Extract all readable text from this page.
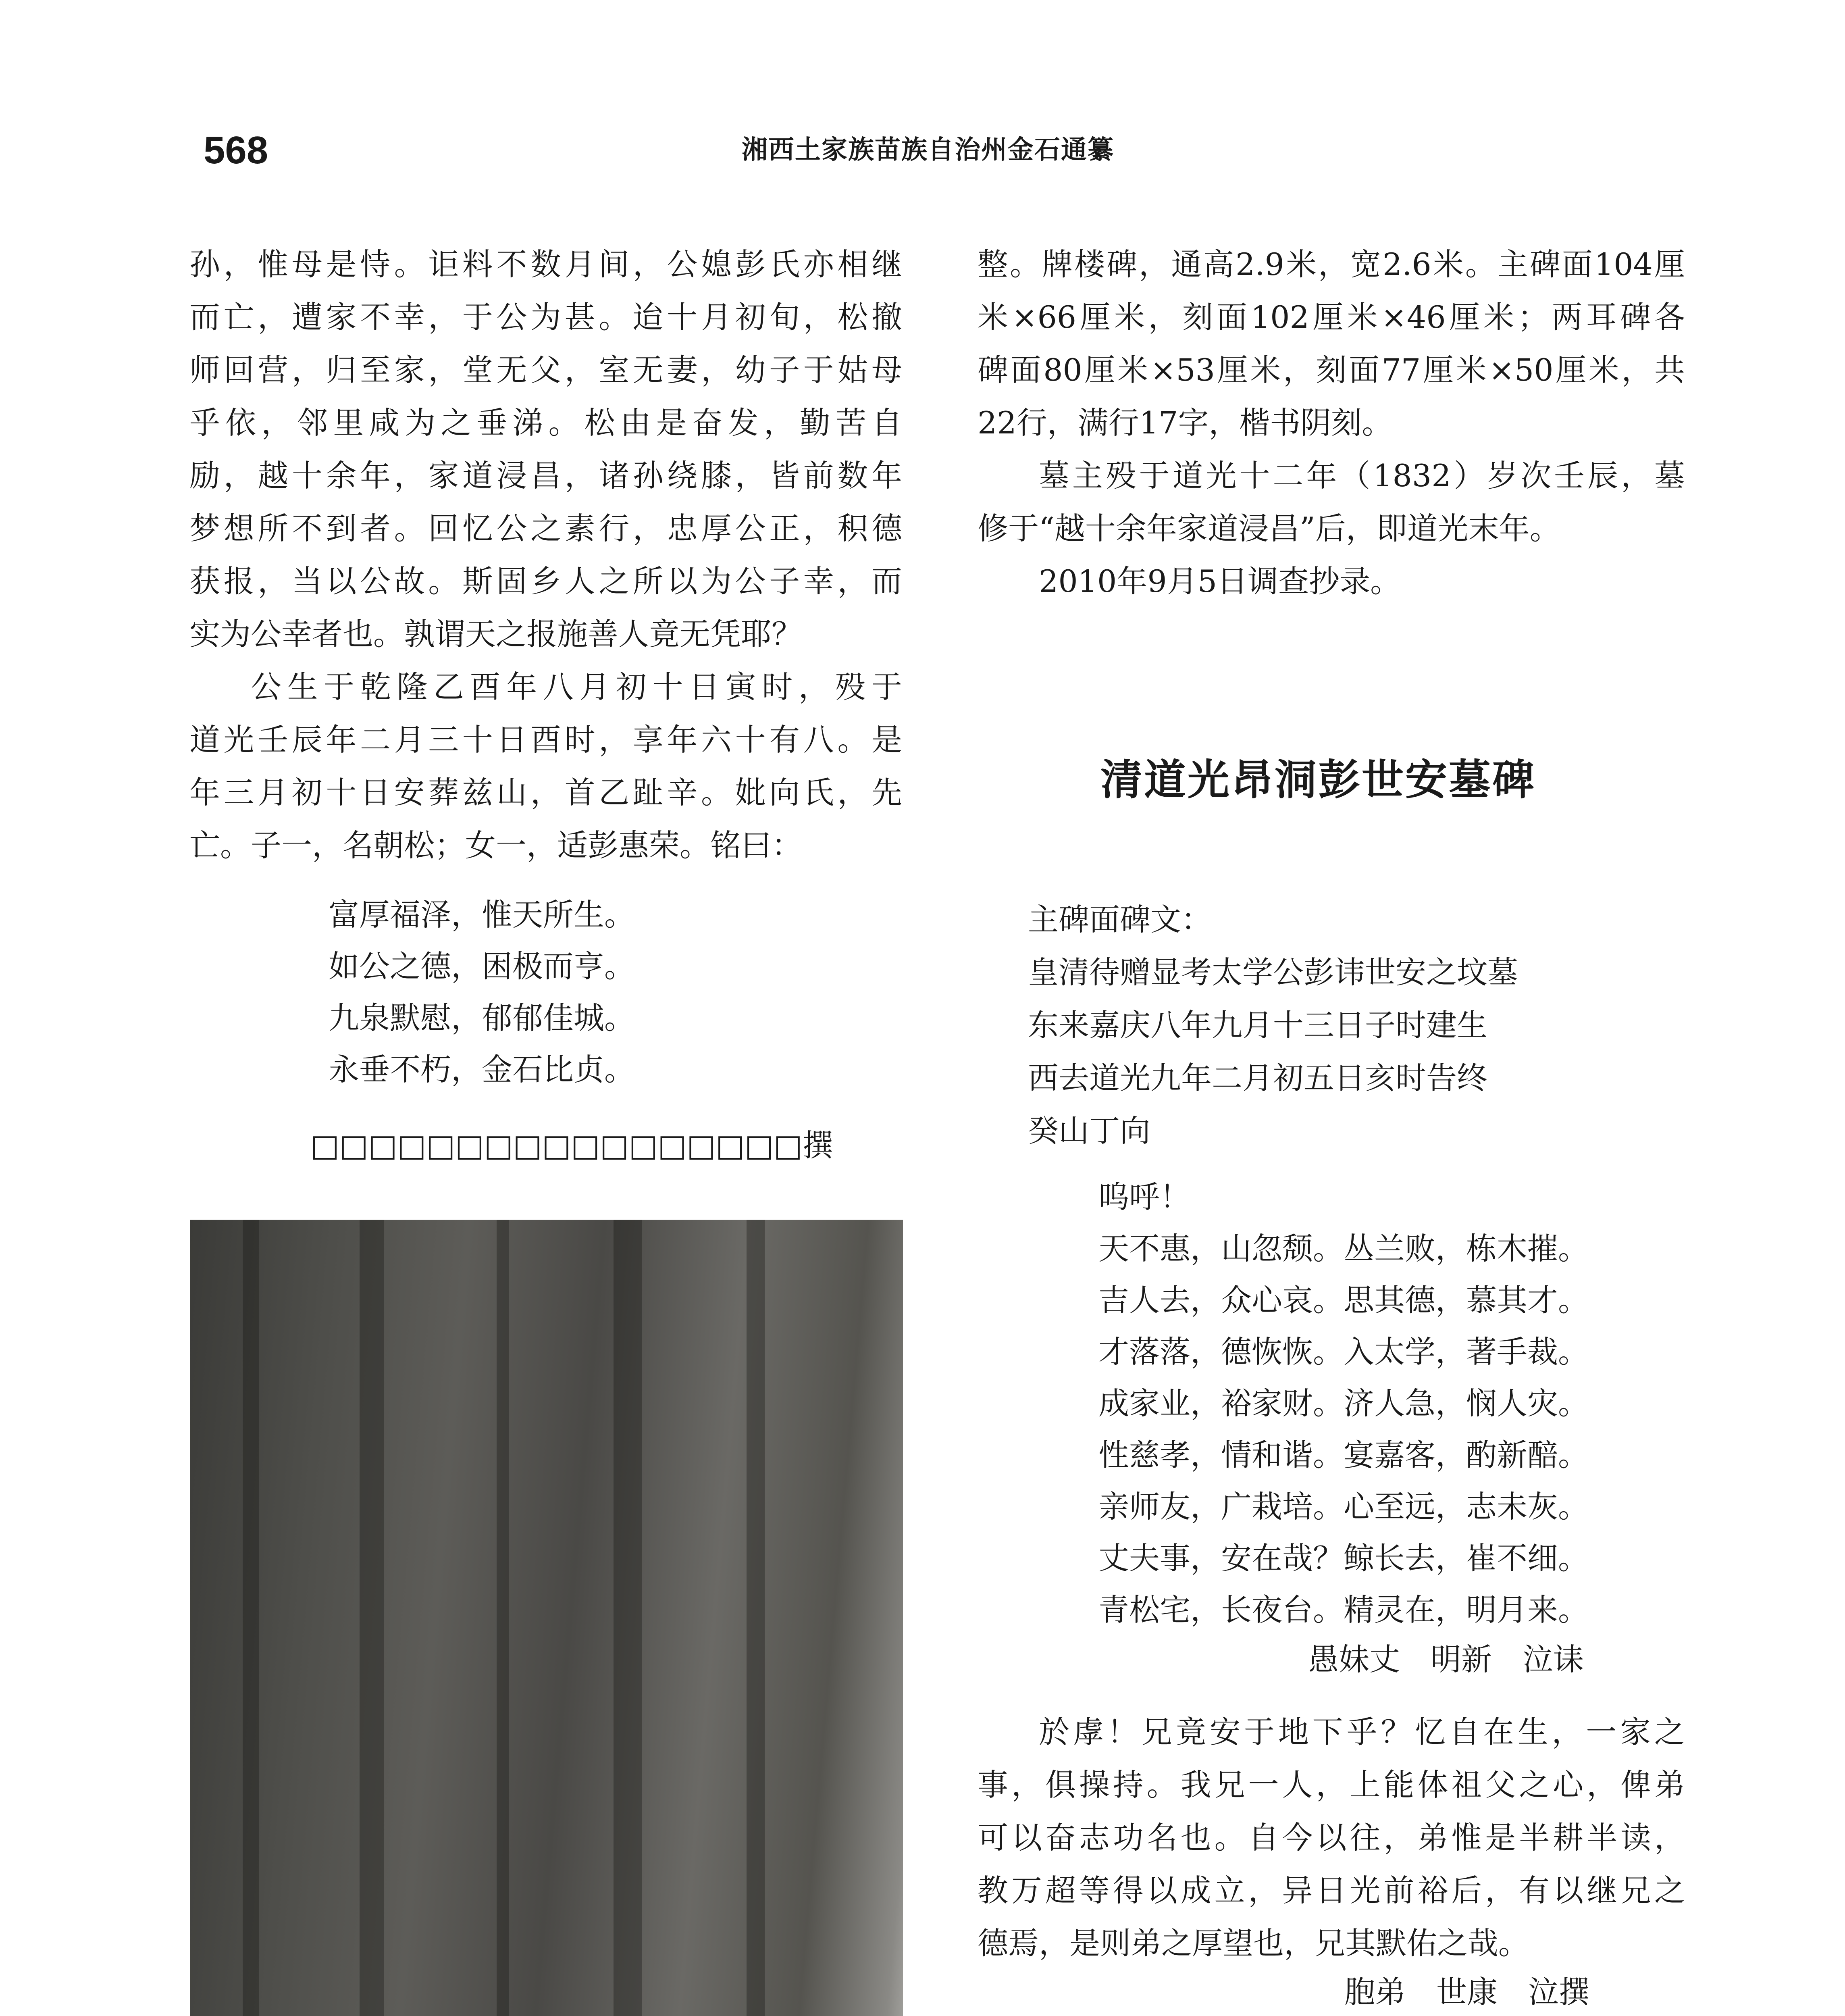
568	湘西土家族苗族自治州金石通纂

孙，惟母是恃。讵料不数月间，公媳彭氏亦相继

而亡，遭家不幸，于公为甚。迨十月初旬，松撤

师回营，归至家，堂无父，室无妻，幼子于姑母

乎依，邻里咸为之垂涕。松由是奋发，勤苦自

励，越十余年，家道浸昌，诸孙绕膝，皆前数年

梦想所不到者。回忆公之素行，忠厚公正，积德

获报，当以公故。斯固乡人之所以为公子幸，而

实为公幸者也。孰谓天之报施善人竟无凭耶？

公生于乾隆乙酉年八月初十日寅时，殁于

道光壬辰年二月三十日酉时，享年六十有八。是

年三月初十日安葬兹山，首乙趾辛。妣向氏，先

亡。子一，名朝松；女一，适彭惠荣。铭曰：

富厚福泽，惟天所生。
如公之德，困极而亨。
九泉默慰，郁郁佳城。
永垂不朽，金石比贞。
□□□□□□□□□□□□□□□□□撰

整。牌楼碑，通高2.9米，宽2.6米。主碑面104厘

米×66厘米，刻面102厘米×46厘米；两耳碑各

碑面80厘米×53厘米，刻面77厘米×50厘米，共

22行，满行17字，楷书阴刻。

墓主殁于道光十二年（1832）岁次壬辰，墓

修于“越十余年家道浸昌”后，即道光末年。

2010年9月5日调查抄录。

清道光昂洞彭世安墓碑
主碑面碑文：
皇清待赠显考太学公彭讳世安之坟墓
东来嘉庆八年九月十三日子时建生
西去道光九年二月初五日亥时告终
癸山丁向
呜呼！
天不惠，山忽颓。丛兰败，栋木摧。
吉人去，众心哀。思其德，慕其才。
才落落，德恢恢。入太学，著手裁。
成家业，裕家财。济人急，悯人灾。
性慈孝，情和谐。宴嘉客，酌新醅。
亲师友，广栽培。心至远，志未灰。
丈夫事，安在哉？鲸长去，崔不细。
青松宅，长夜台。精灵在，明月来。
愚妹丈　明新　泣诔

於虖！兄竟安于地下乎？忆自在生，一家之

事，俱操持。我兄一人，上能体祖父之心，俾弟

可以奋志功名也。自今以往，弟惟是半耕半读，

教万超等得以成立，异日光前裕后，有以继兄之

德焉，是则弟之厚望也，兄其默佑之哉。

胞弟　世康　泣撰
